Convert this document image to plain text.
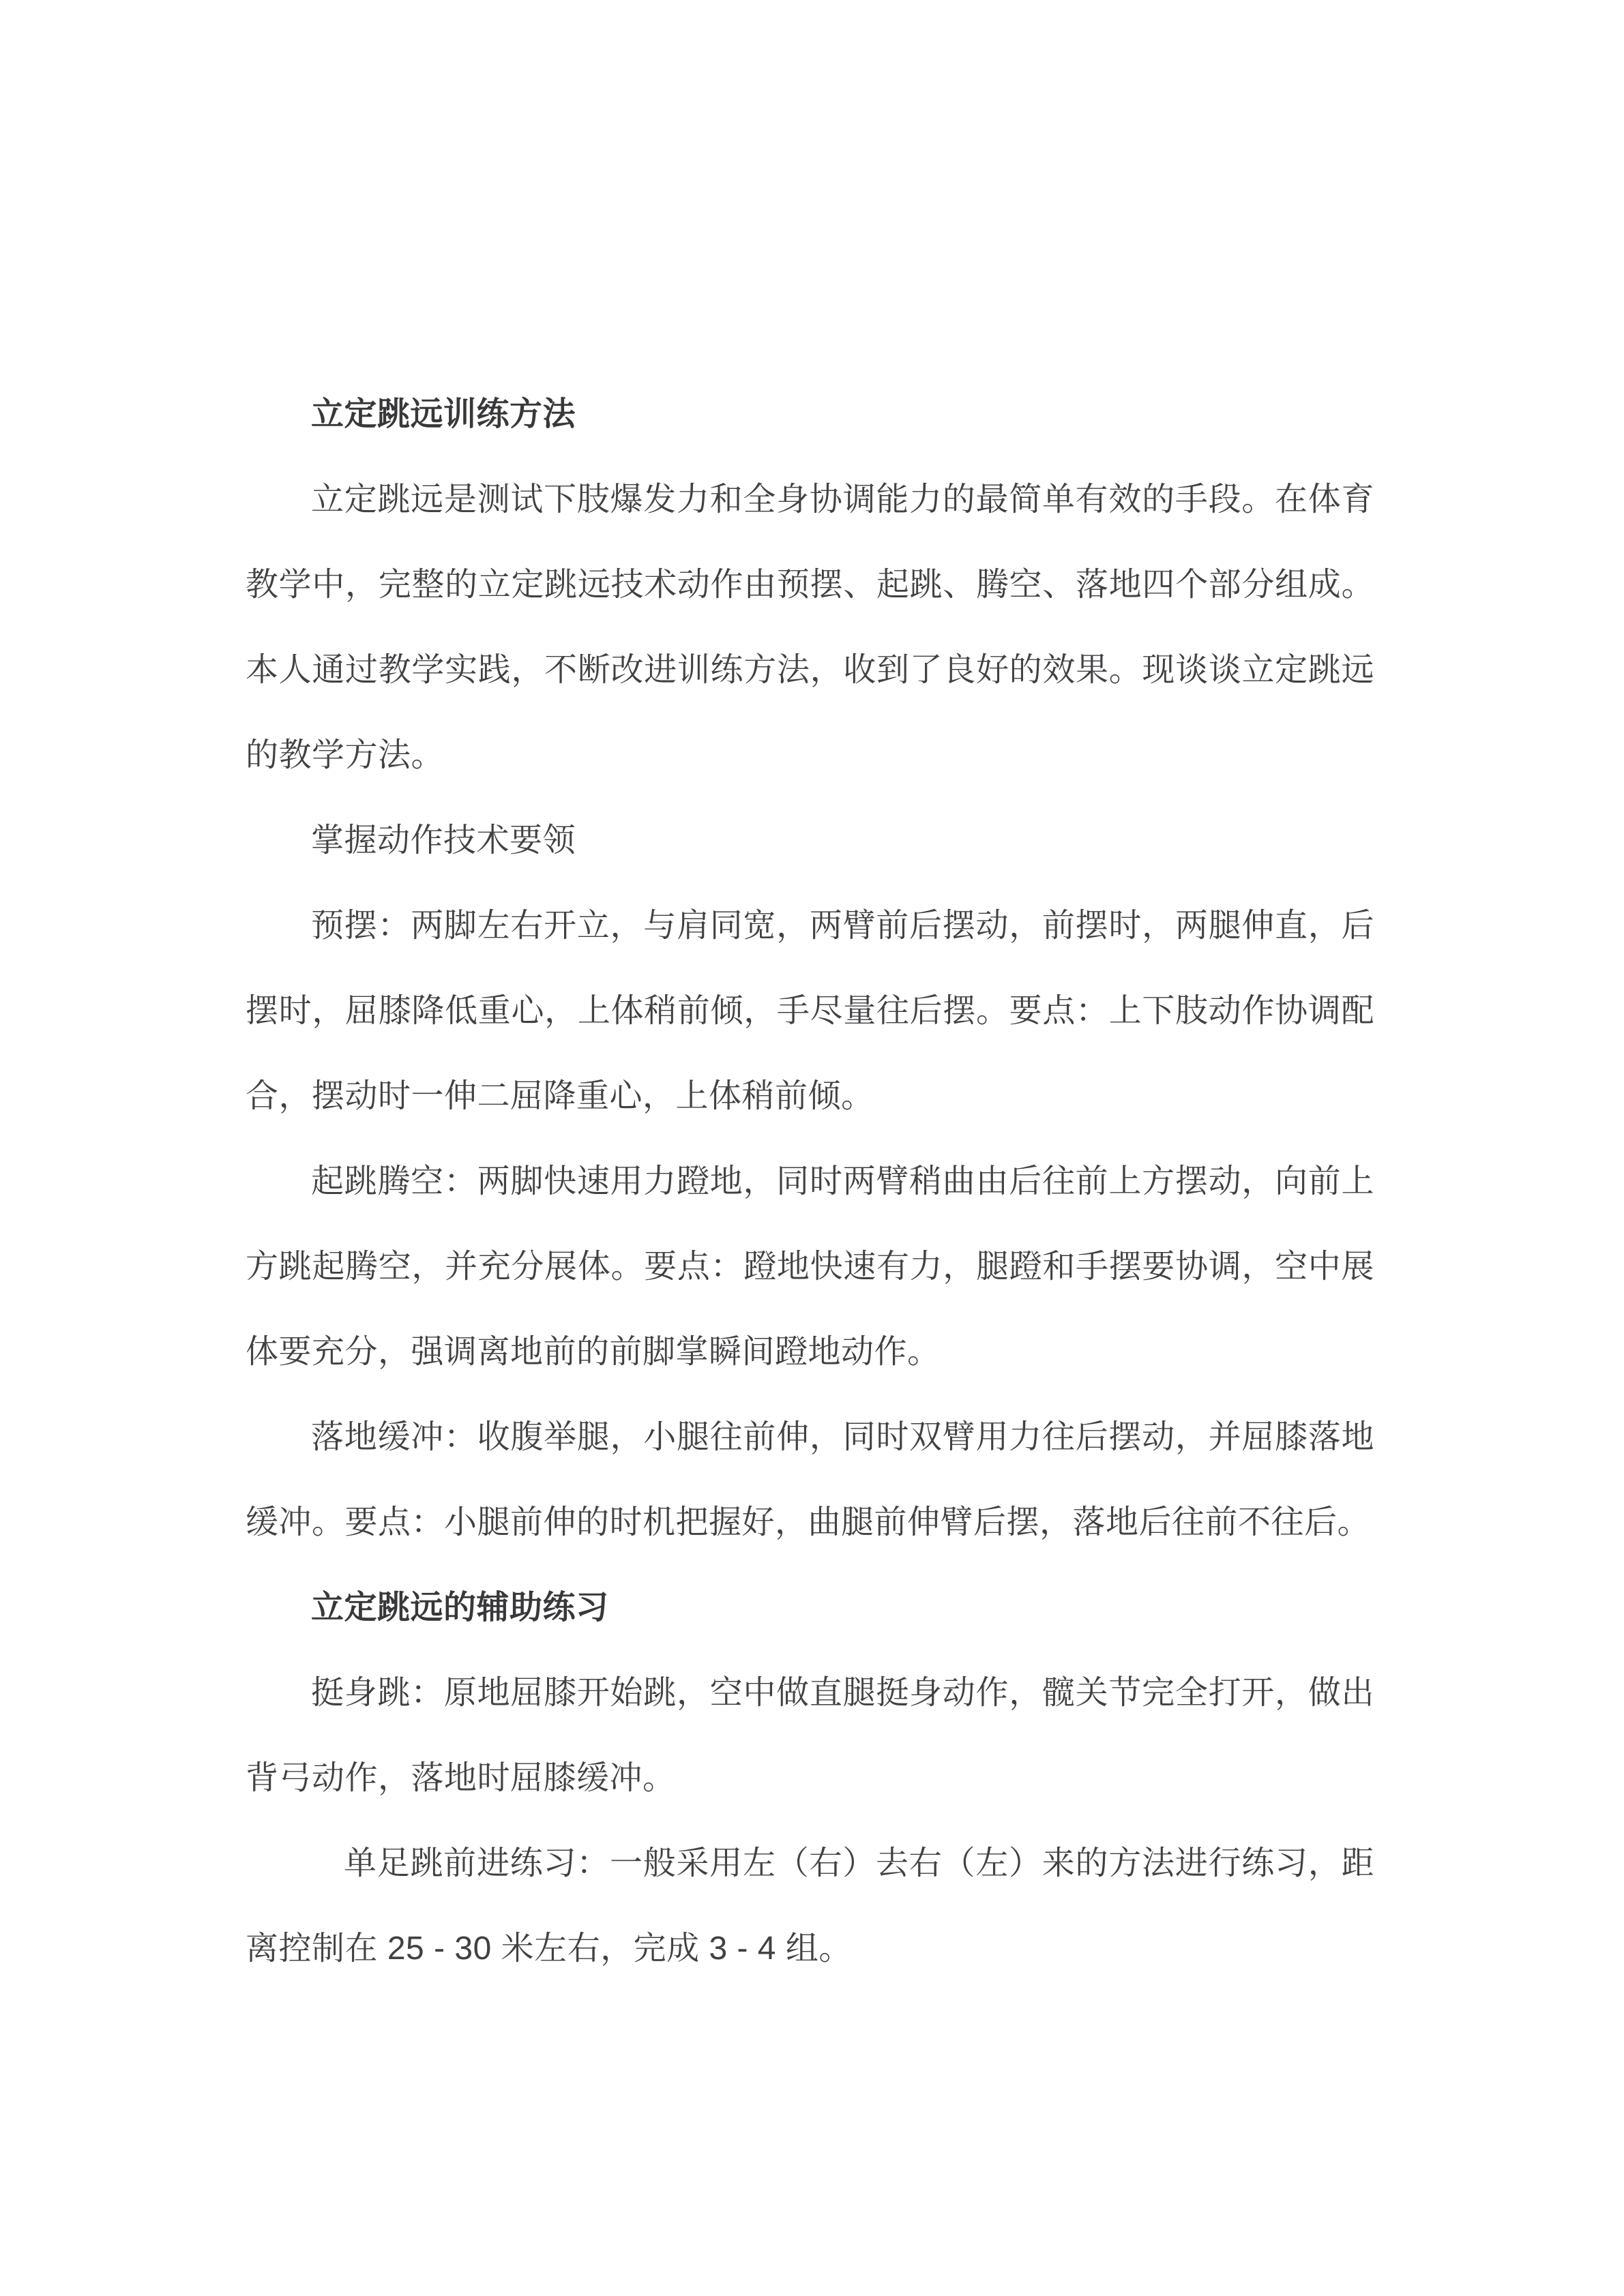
立定跳远训练方法

立定跳远是测试下肢爆发力和全身协调能力的最简单有效的手段。在体育教学中，完整的立定跳远技术动作由预摆、起跳、腾空、落地四个部分组成。本人通过教学实践，不断改进训练方法，收到了良好的效果。现谈谈立定跳远的教学方法。

掌握动作技术要领

预摆：两脚左右开立，与肩同宽，两臂前后摆动，前摆时，两腿伸直，后摆时，屈膝降低重心，上体稍前倾，手尽量往后摆。要点：上下肢动作协调配合，摆动时一伸二屈降重心，上体稍前倾。

起跳腾空：两脚快速用力蹬地，同时两臂稍曲由后往前上方摆动，向前上方跳起腾空，并充分展体。要点：蹬地快速有力，腿蹬和手摆要协调，空中展体要充分，强调离地前的前脚掌瞬间蹬地动作。

落地缓冲：收腹举腿，小腿往前伸，同时双臂用力往后摆动，并屈膝落地缓冲。要点：小腿前伸的时机把握好，曲腿前伸臂后摆，落地后往前不往后。

立定跳远的辅助练习

挺身跳：原地屈膝开始跳，空中做直腿挺身动作，髋关节完全打开，做出背弓动作，落地时屈膝缓冲。

单足跳前进练习：一般采用左（右）去右（左）来的方法进行练习，距离控制在 25 - 30 米左右，完成 3 - 4 组。
